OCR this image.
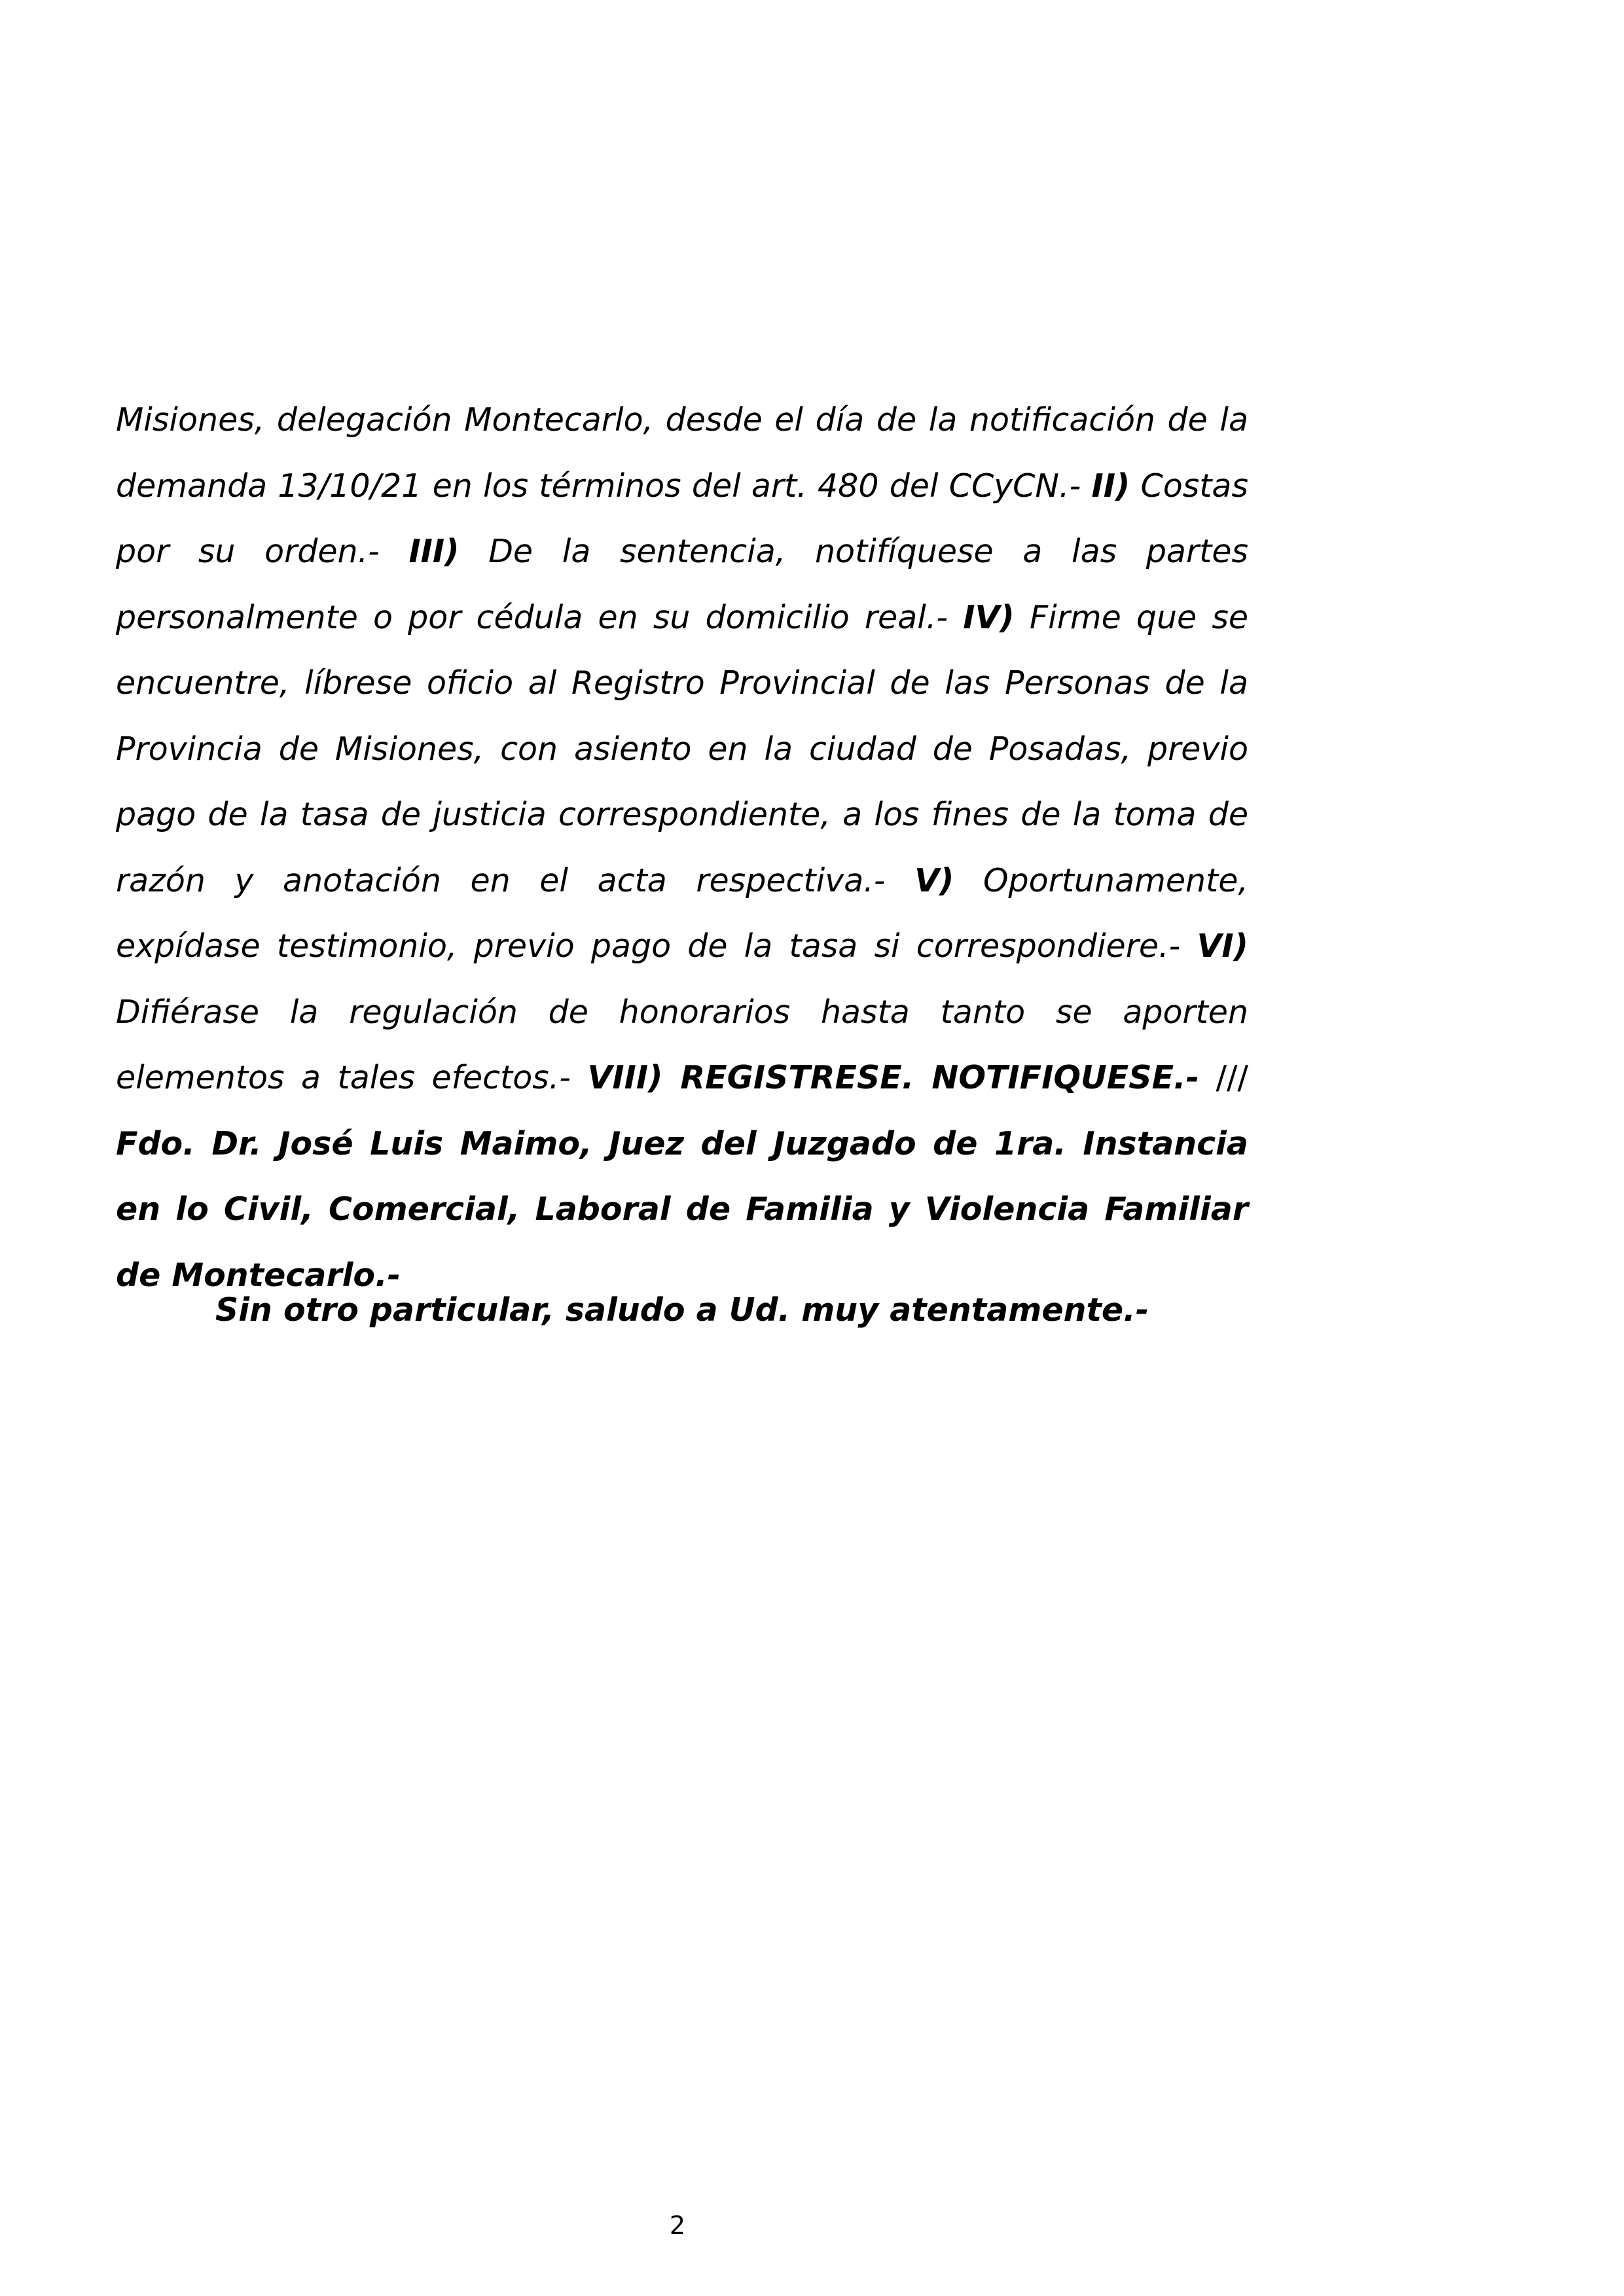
Misiones, delegación Montecarlo, desde el día de la notificación de la demanda 13/10/21 en los términos del art. 480 del CCyCN.- II) Costas por su orden.- III) De la sentencia, notifíquese a las partes personalmente o por cédula en su domicilio real.- IV) Firme que se encuentre, líbrese oficio al Registro Provincial de las Personas de la Provincia de Misiones, con asiento en la ciudad de Posadas, previo pago de la tasa de justicia correspondiente, a los fines de la toma de razón y anotación en el acta respectiva.- V) Oportunamente, expídase testimonio, previo pago de la tasa si correspondiere.- VI) Difiérase la regulación de honorarios hasta tanto se aporten elementos a tales efectos.- VIII) REGISTRESE. NOTIFIQUESE.- /// Fdo. Dr. José Luis Maimo, Juez del Juzgado de 1ra. Instancia en lo Civil, Comercial, Laboral de Familia y Violencia Familiar de Montecarlo.-

Sin otro particular, saludo a Ud. muy atentamente.-

2
